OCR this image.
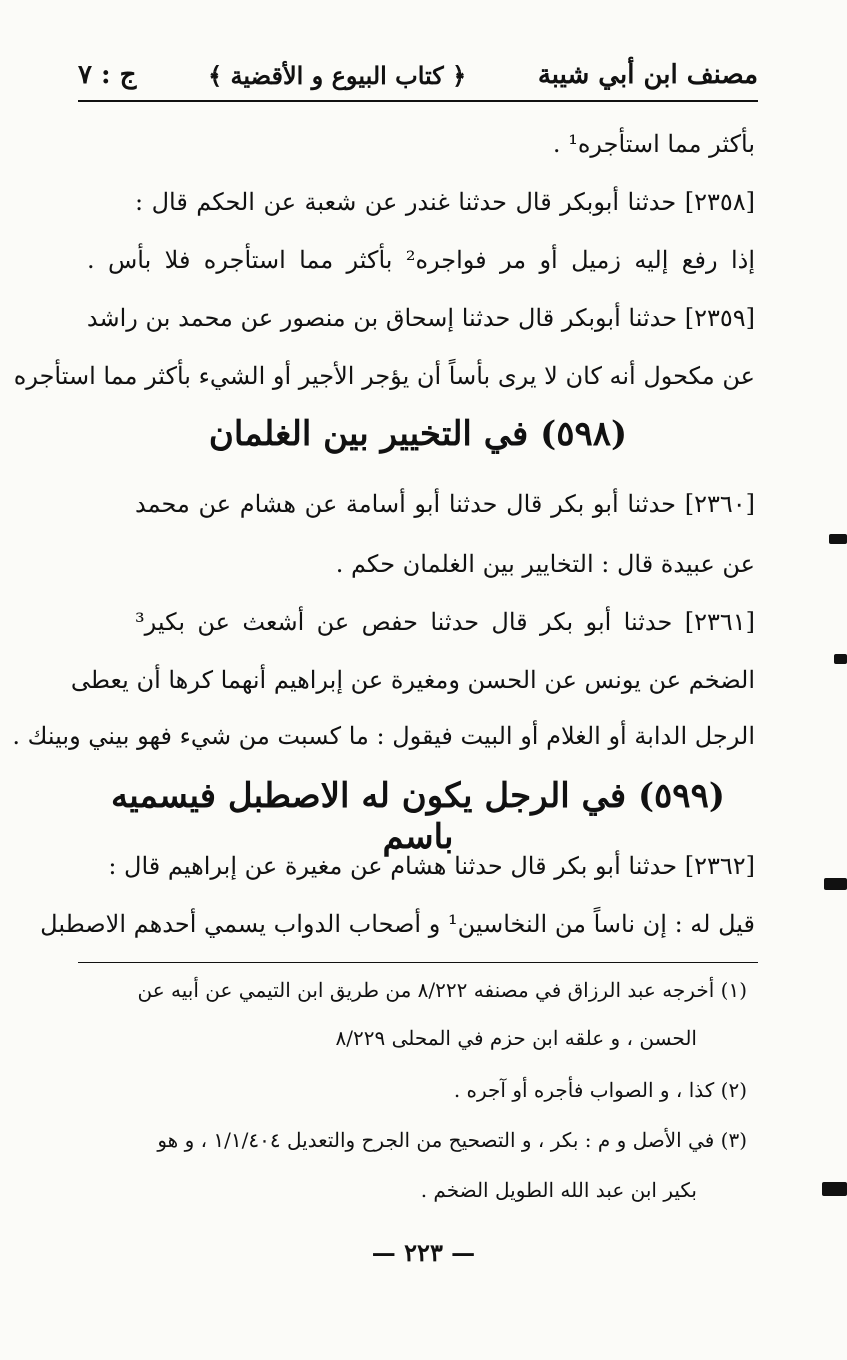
مصنف ابن أبي شيبة
﴿ كتاب البيوع و الأقضية ﴾
ج : ٧
بأكثر مما استأجره¹ .
[٢٣٥٨] حدثنا أبوبكر قال حدثنا غندر عن شعبة عن الحكم قال :
إذا رفع إليه زميل أو مر فواجره² بأكثر مما استأجره فلا بأس .
[٢٣٥٩] حدثنا أبوبكر قال حدثنا إسحاق بن منصور عن محمد بن راشد
عن مكحول أنه كان لا يرى بأساً أن يؤجر الأجير أو الشيء بأكثر مما استأجره
(٥٩٨) في التخيير بين الغلمان
[٢٣٦٠] حدثنا أبو بكر قال حدثنا أبو أسامة عن هشام عن محمد
عن عبيدة قال : التخايير بين الغلمان حكم .
[٢٣٦١] حدثنا أبو بكر قال حدثنا حفص عن أشعث عن بكير³
الضخم عن يونس عن الحسن ومغيرة عن إبراهيم أنهما كرها أن يعطى
الرجل الدابة أو الغلام أو البيت فيقول : ما كسبت من شيء فهو بيني وبينك .
(٥٩٩) في الرجل يكون له الاصطبل فيسميه باسم
[٢٣٦٢] حدثنا أبو بكر قال حدثنا هشام عن مغيرة عن إبراهيم قال :
قيل له : إن ناساً من النخاسين¹ و أصحاب الدواب يسمي أحدهم الاصطبل
(١) أخرجه عبد الرزاق في مصنفه ٨/٢٢٢ من طريق ابن التيمي عن أبيه عن
الحسن ، و علقه ابن حزم في المحلى ٨/٢٢٩
(٢) كذا ، و الصواب فأجره أو آجره .
(٣) في الأصل و م : بكر ، و التصحيح من الجرح والتعديل ١/١/٤٠٤ ، و هو
بكير ابن عبد الله الطويل الضخم .
— ٢٢٣ —
